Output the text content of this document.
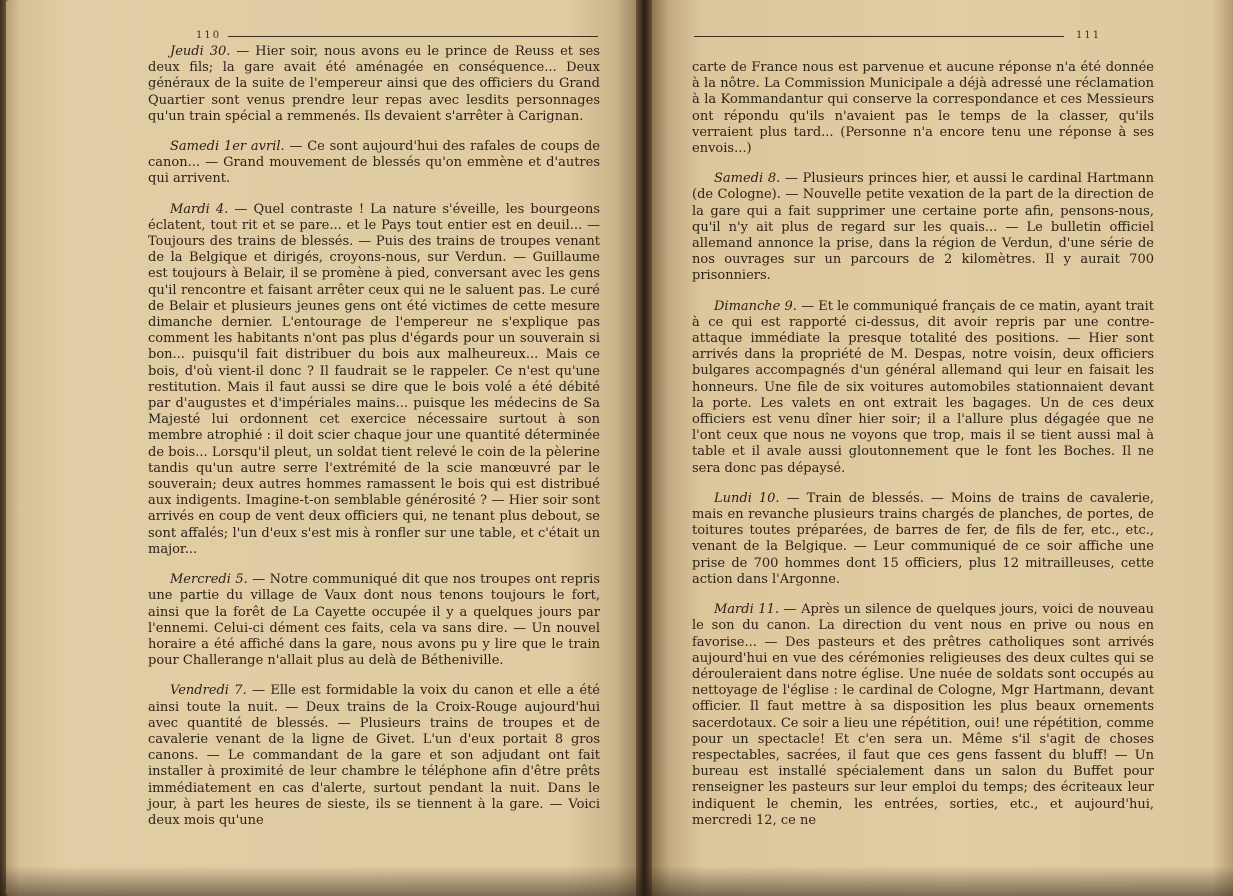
110

Jeudi 30. — Hier soir, nous avons eu le prince de Reuss et ses deux fils; la gare avait été aménagée en conséquence... Deux généraux de la suite de l'empereur ainsi que des officiers du Grand Quartier sont venus prendre leur repas avec lesdits personnages qu'un train spécial a remmenés. Ils devaient s'arrêter à Carignan.

Samedi 1er avril. — Ce sont aujourd'hui des rafales de coups de canon... — Grand mouvement de blessés qu'on emmène et d'autres qui arrivent.

Mardi 4. — Quel contraste ! La nature s'éveille, les bourgeons éclatent, tout rit et se pare... et le Pays tout entier est en deuil... — Toujours des trains de blessés. — Puis des trains de troupes venant de la Belgique et dirigés, croyons-nous, sur Verdun. — Guillaume est toujours à Belair, il se promène à pied, conversant avec les gens qu'il rencontre et faisant arrêter ceux qui ne le saluent pas. Le curé de Belair et plusieurs jeunes gens ont été victimes de cette mesure dimanche dernier. L'entourage de l'empereur ne s'explique pas comment les habitants n'ont pas plus d'égards pour un souverain si bon... puisqu'il fait distribuer du bois aux malheureux... Mais ce bois, d'où vient-il donc ? Il faudrait se le rappeler. Ce n'est qu'une restitution. Mais il faut aussi se dire que le bois volé a été débité par d'augustes et d'impériales mains... puisque les médecins de Sa Majesté lui ordonnent cet exercice nécessaire surtout à son membre atrophié : il doit scier chaque jour une quantité déterminée de bois... Lorsqu'il pleut, un soldat tient relevé le coin de la pèlerine tandis qu'un autre serre l'extrémité de la scie manœuvré par le souverain; deux autres hommes ramassent le bois qui est distribué aux indigents. Imagine-t-on semblable générosité ? — Hier soir sont arrivés en coup de vent deux officiers qui, ne tenant plus debout, se sont affalés; l'un d'eux s'est mis à ronfler sur une table, et c'était un major...

Mercredi 5. — Notre communiqué dit que nos troupes ont repris une partie du village de Vaux dont nous tenons toujours le fort, ainsi que la forêt de La Cayette occupée il y a quelques jours par l'ennemi. Celui-ci dément ces faits, cela va sans dire. — Un nouvel horaire a été affiché dans la gare, nous avons pu y lire que le train pour Challerange n'allait plus au delà de Bétheniville.

Vendredi 7. — Elle est formidable la voix du canon et elle a été ainsi toute la nuit. — Deux trains de la Croix-Rouge aujourd'hui avec quantité de blessés. — Plusieurs trains de troupes et de cavalerie venant de la ligne de Givet. L'un d'eux portait 8 gros canons. — Le commandant de la gare et son adjudant ont fait installer à proximité de leur chambre le téléphone afin d'être prêts immédiatement en cas d'alerte, surtout pendant la nuit. Dans le jour, à part les heures de sieste, ils se tiennent à la gare. — Voici deux mois qu'une

111

carte de France nous est parvenue et aucune réponse n'a été donnée à la nôtre. La Commission Municipale a déjà adressé une réclamation à la Kommandantur qui conserve la correspondance et ces Messieurs ont répondu qu'ils n'avaient pas le temps de la classer, qu'ils verraient plus tard... (Personne n'a encore tenu une réponse à ses envois...)

Samedi 8. — Plusieurs princes hier, et aussi le cardinal Hartmann (de Cologne). — Nouvelle petite vexation de la part de la direction de la gare qui a fait supprimer une certaine porte afin, pensons-nous, qu'il n'y ait plus de regard sur les quais... — Le bulletin officiel allemand annonce la prise, dans la région de Verdun, d'une série de nos ouvrages sur un parcours de 2 kilomètres. Il y aurait 700 prisonniers.

Dimanche 9. — Et le communiqué français de ce matin, ayant trait à ce qui est rapporté ci-dessus, dit avoir repris par une contre-attaque immédiate la presque totalité des positions. — Hier sont arrivés dans la propriété de M. Despas, notre voisin, deux officiers bulgares accompagnés d'un général allemand qui leur en faisait les honneurs. Une file de six voitures automobiles stationnaient devant la porte. Les valets en ont extrait les bagages. Un de ces deux officiers est venu dîner hier soir; il a l'allure plus dégagée que ne l'ont ceux que nous ne voyons que trop, mais il se tient aussi mal à table et il avale aussi gloutonnement que le font les Boches. Il ne sera donc pas dépaysé.

Lundi 10. — Train de blessés. — Moins de trains de cavalerie, mais en revanche plusieurs trains chargés de planches, de portes, de toitures toutes préparées, de barres de fer, de fils de fer, etc., etc., venant de la Belgique. — Leur communiqué de ce soir affiche une prise de 700 hommes dont 15 officiers, plus 12 mitrailleuses, cette action dans l'Argonne.

Mardi 11. — Après un silence de quelques jours, voici de nouveau le son du canon. La direction du vent nous en prive ou nous en favorise... — Des pasteurs et des prêtres catholiques sont arrivés aujourd'hui en vue des cérémonies religieuses des deux cultes qui se dérouleraient dans notre église. Une nuée de soldats sont occupés au nettoyage de l'église : le cardinal de Cologne, Mgr Hartmann, devant officier. Il faut mettre à sa disposition les plus beaux ornements sacerdotaux. Ce soir a lieu une répétition, oui! une répétition, comme pour un spectacle! Et c'en sera un. Même s'il s'agit de choses respectables, sacrées, il faut que ces gens fassent du bluff! — Un bureau est installé spécialement dans un salon du Buffet pour renseigner les pasteurs sur leur emploi du temps; des écriteaux leur indiquent le chemin, les entrées, sorties, etc., et aujourd'hui, mercredi 12, ce ne
